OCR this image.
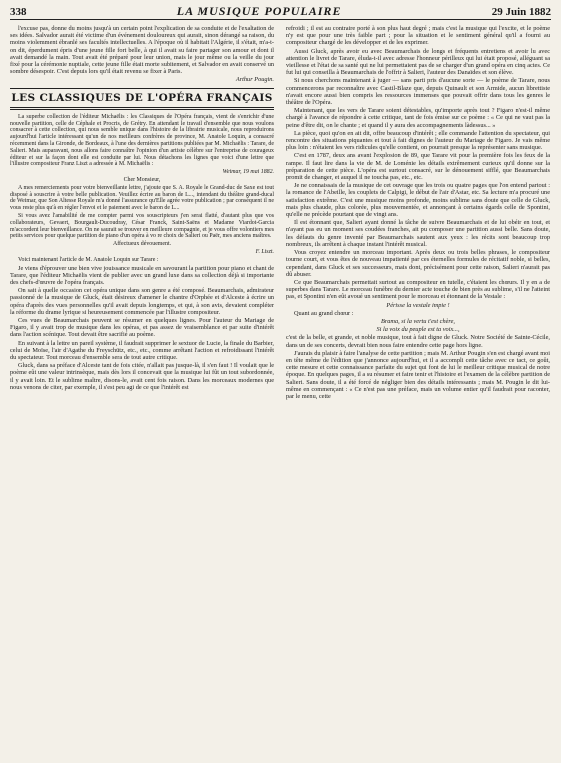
338	LA MUSIQUE POPULAIRE	29 Juin 1882

l'excuse pas, donne du moins jusqu'à un certain point l'explication de sa conduite et de l'exaltation de ses idées. Salvador aurait été victime d'un événement douloureux qui aurait, sinon dérangé sa raison, du moins violemment ébranlé ses facultés intellectuelles. A l'époque où il habitait l'Algérie, il s'était, m'a-t-on dit, éperdument épris d'une jeune fille fort belle, à qui il avait su faire partager son amour et dont il avait demandé la main. Tout avait été préparé pour leur union, mais le jour même ou la veille du jour fixé pour la cérémonie nuptiale, cette jeune fille était morte subitement, et Salvador en avait conservé un sombre désespoir. C'est depuis lors qu'il était revenu se fixer à Paris.

Arthur Pougin.
LES CLASSIQUES DE L'OPÉRA FRANÇAIS

La superbe collection de l'éditeur Michaëlis : les Classiques de l'Opéra français, vient de s'enrichir d'une nouvelle partition, celle de Céphale et Procris, de Grétry. En attendant le travail d'ensemble que nous voulons consacrer à cette collection, qui nous semble unique dans l'histoire de la librairie musicale, nous reproduirons aujourd'hui l'article intéressant qu'un de nos meilleurs confrères de province, M. Anatole Loquin, a consacré récemment dans la Gironde, de Bordeaux, à l'une des dernières partitions publiées par M. Michaëlis : Tarare, de Salieri. Mais auparavant, nous allons faire connaître l'opinion d'un artiste célèbre sur l'entreprise de courageux éditeur et sur la façon dont elle est conduite par lui. Nous détachons les lignes que voici d'une lettre que l'illustre compositeur Franz Liszt a adressée à M. Michaëlis :

Weimar, 19 mai 1882.

Cher Monsieur,

A mes remerciements pour votre bienveillante lettre, j'ajoute que S. A. Royale le Grand-duc de Saxe est tout disposé à souscrire à votre belle publication. Veuillez écrire au baron de L..., intendant du théâtre grand-ducal de Weimar, que Son Altesse Royale m'a donné l'assurance qu'Elle agrée votre publication ; par conséquent il ne vous reste plus qu'à en régler l'envoi et le paiement avec le baron de L...

Si vous avez l'amabilité de me compter parmi vos souscripteurs j'en serai flatté, d'autant plus que vos collaborateurs, Gevaert, Bourgault-Ducoudray, César Franck, Saint-Saëns et Madame Viardot-Garcia m'accordent leur bienveillance. On ne saurait se trouver en meilleure compagnie, et je vous offre volontiers mes petits services pour quelque partition de piano d'un opéra à vo re choix de Salieri ou Paër, mes anciens maîtres.

Affectueux dévouement.

F. Liszt.

Voici maintenant l'article de M. Anatole Loquin sur Tarare :

Je viens d'éprouver une bien vive jouissance musicale en savourant la partition pour piano et chant de Tarare, que l'éditeur Michaëlis vient de publier avec un grand luxe dans sa collection déjà si importante des chefs-d'œuvre de l'opéra français.

On sait à quelle occasion cet opéra unique dans son genre a été composé. Beaumarchais, admirateur passionné de la musique de Gluck, était désireux d'amener le chantre d'Orphée et d'Alceste à écrire un opéra d'après des vues personnelles qu'il avait depuis longtemps, et qui, à son avis, devaient compléter la réforme du drame lyrique si heureusement commencée par l'illustre compositeur.

Ces vues de Beaumarchais peuvent se résumer en quelques lignes. Pour l'auteur du Mariage de Figaro, il y avait trop de musique dans les opéras, et pas assez de vraisemblance et par suite d'intérêt dans l'action scénique. Tout devait être sacrifié au poème.

En suivant à la lettre un pareil système, il faudrait supprimer le sextuor de Lucie, la finale du Barbier, celui de Moïse, l'air d'Agathe du Freyschütz, etc., etc., comme arrêtant l'action et refroidissant l'intérêt du spectateur. Tout morceau d'ensemble sera de tout autre critique.

Gluck, dans sa préface d'Alceste tant de fois citée, n'allait pas jusque-là, il s'en faut ! Il voulait que le poème eût une valeur intrinsèque, mais dès lors il concevait que la musique lui fût un tout subordonnée, il y avait loin. Et le sublime maître, disons-le, avait cent fois raison. Dans les morceaux modernes que nous venons de citer, par exemple, il s'est peu agi de ce que l'intérêt est

refroidi ; il est au contraire porté à son plus haut degré ; mais c'est la musique qui l'excite, et le poème n'y est que pour une très faible part ; pour la situation et le sentiment général qu'il a fourni au compositeur chargé de les développer et de les exprimer.

Aussi Gluck, après avoir eu avec Beaumarchais de longs et fréquents entretiens et avoir lu avec attention le livret de Tarare, éluda-t-il avec adresse l'honneur périlleux qui lui était proposé, alléguant sa vieillesse et l'état de sa santé qui ne lui permettaient pas de se charger d'un grand opéra en cinq actes. Ce fut lui qui conseilla à Beaumarchais de l'offrir à Salieri, l'auteur des Danaïdes et son élève.

Si nous cherchons maintenant à juger — sans parti pris d'aucune sorte — le poème de Tarare, nous commencerons par reconnaître avec Castil-Blaze que, depuis Quinault et son Armide, aucun librettiste n'avait encore aussi bien compris les ressources immenses que pouvait offrir dans tous les genres le théâtre de l'Opéra.

Maintenant, que les vers de Tarare soient détestables, qu'importe après tout ? Figaro n'est-il même chargé à l'avance de répondre à cette critique, tant de fois émise sur ce poème : « Ce qui ne vaut pas la peine d'être dit, on le chante ; et quand il y aura des accompagnements làdessus... »

La pièce, quoi qu'on en ait dit, offre beaucoup d'intérêt ; elle commande l'attention du spectateur, qui rencontre des situations piquantes et tout à fait dignes de l'auteur du Mariage de Figaro. Je vais même plus loin : n'étaient les vers ridicules qu'elle contient, on pourrait presque la représenter sans musique.

C'est en 1787, deux ans avant l'explosion de 89, que Tarare vit pour la première fois les feux de la rampe. Il faut lire dans la vie de M. de Loménie les détails extrêmement curieux qu'il donne sur la préparation de cette pièce. L'opéra est surtout consacré, sur le dénouement sifflé, que Beaumarchais promit de changer, et auquel il ne toucha pas, etc., etc.

Je ne connaissais de la musique de cet ouvrage que les trois ou quatre pages que l'on entend partout : la romance de l'Abeille, les couplets de Calpigi, le début de l'air d'Astar, etc. Sa lecture m'a procuré une satisfaction extrême. C'est une musique moins profonde, moins sublime sans doute que celle de Gluck, mais plus chaude, plus colorée, plus mouvementée, et annonçant à certains égards celle de Spontini, qu'elle ne précède pourtant que de vingt ans.

Il est étonnant que, Salieri ayant donné la tâche de suivre Beaumarchais et de lui obéir en tout, et n'ayant pas eu un moment ses coudées franches, ait pu composer une partition aussi belle. Sans doute, les défauts du genre inventé par Beaumarchais sautent aux yeux : les récits sont beaucoup trop nombreux, ils arrêtent à chaque instant l'intérêt musical.

Vous croyez entendre un morceau important. Après deux ou trois belles phrases, le compositeur tourne court, et vous êtes de nouveau impatienté par ces éternelles formules de récitatif noble, si belles, cependant, dans Gluck et ses successeurs, mais dont, précisément pour cette raison, Salieri n'aurait pas dû abuser.

Ce que Beaumarchais permettait surtout au compositeur en tutelle, c'étaient les chœurs. Il y en a de superbes dans Tarare. Le morceau funèbre du dernier acte touche de bien près au sublime, s'il ne l'atteint pas, et Spontini n'en eût avoué un sentiment pour le morceau et étonnant de la Vestale :

Périsse la vestale impie !

Quant au grand chœur :

Brama, si la vertu t'est chère,

Si la voix du peuple est ta voix...,

c'est de la belle, et grande, et noble musique, tout à fait digne de Gluck. Notre Société de Sainte-Cécile, dans un de ses concerts, devrait bien nous faire entendre cette page hors ligne.

J'aurais du plaisir à faire l'analyse de cette partition ; mais M. Arthur Pougin s'en est chargé avant moi en tête même de l'édition que j'annonce aujourd'hui, et il a accompli cette tâche avec ce tact, ce goût, cette mesure et cette connaissance parfaite du sujet qui font de lui le meilleur critique musical de notre époque. En quelques pages, il a su résumer et faire tenir et l'histoire et l'examen de la célèbre partition de Salieri. Sans doute, il a été forcé de négliger bien des détails intéressants ; mais M. Pougin le dit lui-même en commençant : « Ce n'est pas une préface, mais un volume entier qu'il faudrait pour raconter, par le menu, cette
